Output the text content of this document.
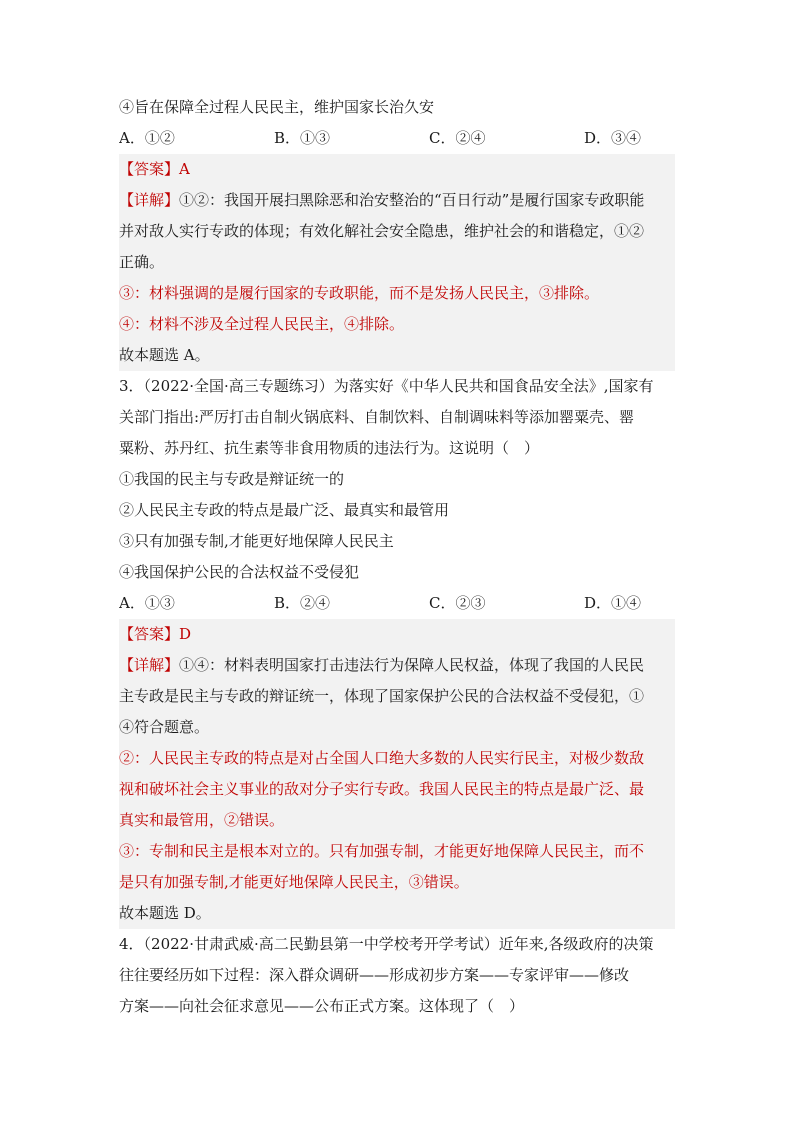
④旨在保障全过程人民民主，维护国家长治久安
A．①②	B．①③	C．②④	D．③④
【答案】A
【详解】①②：我国开展扫黑除恶和治安整治的“百日行动”是履行国家专政职能
并对敌人实行专政的体现；有效化解社会安全隐患，维护社会的和谐稳定，①②
正确。
③：材料强调的是履行国家的专政职能，而不是发扬人民民主，③排除。
④：材料不涉及全过程人民民主，④排除。
故本题选 A。
3．（2022·全国·高三专题练习）为落实好《中华人民共和国食品安全法》,国家有
关部门指出:严厉打击自制火锅底料、自制饮料、自制调味料等添加罂粟壳、罂
粟粉、苏丹红、抗生素等非食用物质的违法行为。这说明（　）
①我国的民主与专政是辩证统一的
②人民民主专政的特点是最广泛、最真实和最管用
③只有加强专制,才能更好地保障人民民主
④我国保护公民的合法权益不受侵犯
A．①③	B．②④	C．②③	D．①④
【答案】D
【详解】①④：材料表明国家打击违法行为保障人民权益，体现了我国的人民民
主专政是民主与专政的辩证统一，体现了国家保护公民的合法权益不受侵犯，①
④符合题意。
②：人民民主专政的特点是对占全国人口绝大多数的人民实行民主，对极少数敌
视和破坏社会主义事业的敌对分子实行专政。我国人民民主的特点是最广泛、最
真实和最管用，②错误。
③：专制和民主是根本对立的。只有加强专制，才能更好地保障人民民主，而不
是只有加强专制,才能更好地保障人民民主，③错误。
故本题选 D。
4．（2022·甘肃武威·高二民勤县第一中学校考开学考试）近年来,各级政府的决策
往往要经历如下过程：深入群众调研——形成初步方案——专家评审——修改
方案——向社会征求意见——公布正式方案。这体现了（　）
